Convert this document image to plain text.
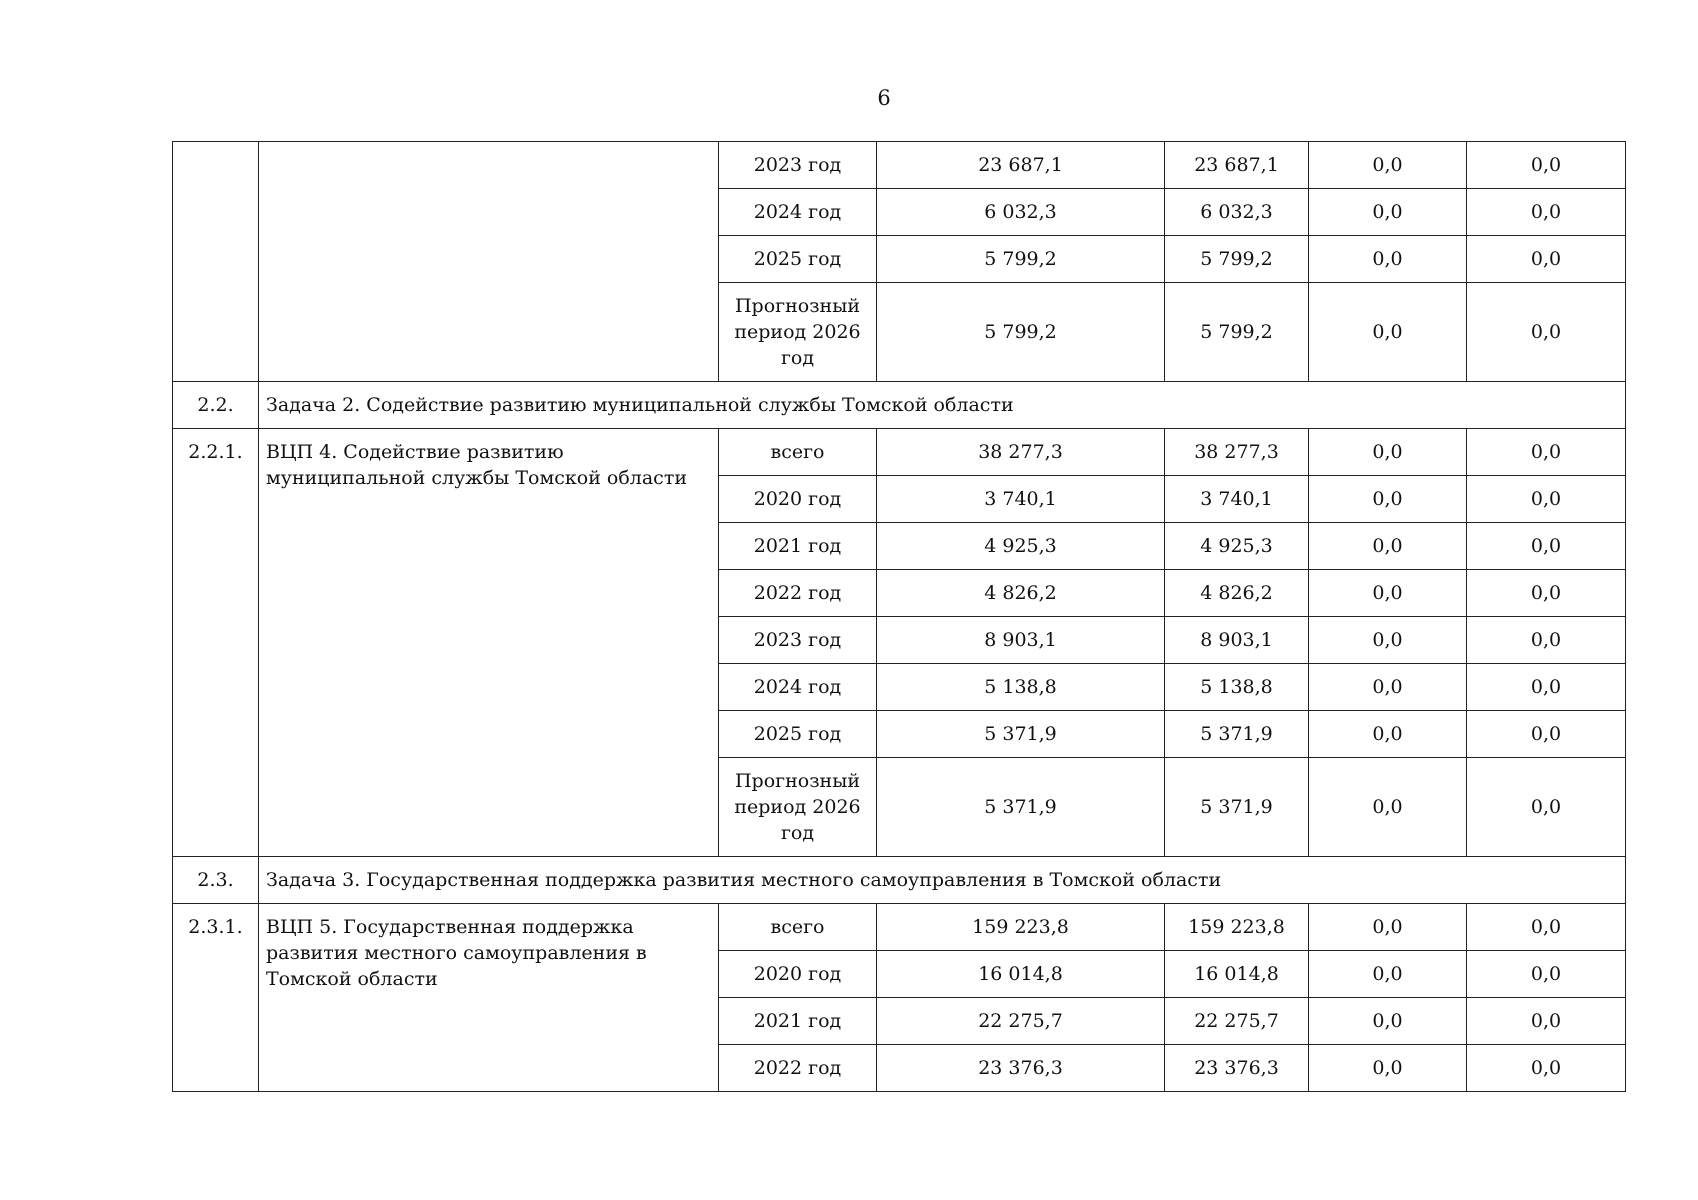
6
		2023 год	23 687,1	23 687,1	0,0	0,0
		2024 год	6 032,3	6 032,3	0,0	0,0
		2025 год	5 799,2	5 799,2	0,0	0,0
		Прогнозный период 2026 год	5 799,2	5 799,2	0,0	0,0
2.2.	Задача 2. Содействие развитию муниципальной службы Томской области					
2.2.1.	ВЦП 4. Содействие развитию муниципальной службы Томской области	всего	38 277,3	38 277,3	0,0	0,0
		2020 год	3 740,1	3 740,1	0,0	0,0
		2021 год	4 925,3	4 925,3	0,0	0,0
		2022 год	4 826,2	4 826,2	0,0	0,0
		2023 год	8 903,1	8 903,1	0,0	0,0
		2024 год	5 138,8	5 138,8	0,0	0,0
		2025 год	5 371,9	5 371,9	0,0	0,0
		Прогнозный период 2026 год	5 371,9	5 371,9	0,0	0,0
2.3.	Задача 3. Государственная поддержка развития местного самоуправления в Томской области					
2.3.1.	ВЦП 5. Государственная поддержка развития местного самоуправления в Томской области	всего	159 223,8	159 223,8	0,0	0,0
		2020 год	16 014,8	16 014,8	0,0	0,0
		2021 год	22 275,7	22 275,7	0,0	0,0
		2022 год	23 376,3	23 376,3	0,0	0,0
